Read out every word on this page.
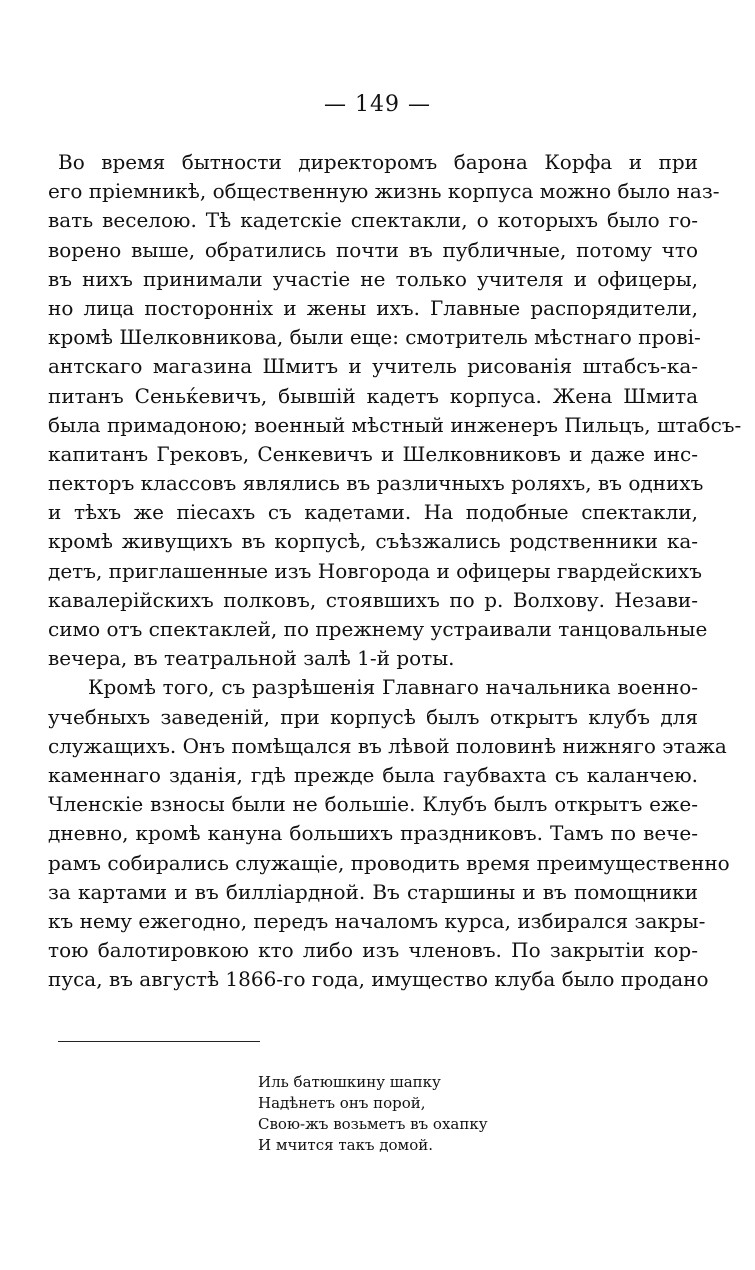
— 149 —
Во время бытности директоромъ барона Корфа и при
его пріемникѣ, общественную жизнь корпуса можно было наз-
вать веселою. Тѣ кадетскіе спектакли, о которыхъ было го-
ворено выше, обратились почти въ публичные, потому что
въ нихъ принимали участіе не только учителя и офицеры,
но лица посторонніх и жены ихъ. Главные распорядители,
кромѣ Шелковникова, были еще: смотритель мѣстнаго прові-
антскаго магазина Шмитъ и учитель рисованія штабсъ-ка-
питанъ Сеньќевичъ, бывшій кадетъ корпуса. Жена Шмита
была примадоною; военный мѣстный инженеръ Пильцъ, штабсъ-
капитанъ Грековъ, Сенкевичъ и Шелковниковъ и даже инс-
пекторъ классовъ являлись въ различныхъ роляхъ, въ однихъ
и тѣхъ же піесахъ съ кадетами. На подобные спектакли,
кромѣ живущихъ въ корпусѣ, съѣзжались родственники ка-
детъ, приглашенные изъ Новгорода и офицеры гвардейскихъ
кавалерійскихъ полковъ, стоявшихъ по р. Волхову. Незави-
симо отъ спектаклей, по прежнему устраивали танцовальные
вечера, въ театральной залѣ 1-й роты.
Кромѣ того, съ разрѣшенія Главнаго начальника военно-
учебныхъ заведеній, при корпусѣ былъ открытъ клубъ для
служащихъ. Онъ помѣщался въ лѣвой половинѣ нижняго этажа
каменнаго зданія, гдѣ прежде была гаубвахта съ каланчею.
Членскіе взносы были не большіе. Клубъ былъ открытъ еже-
дневно, кромѣ кануна большихъ праздниковъ. Тамъ по вече-
рамъ собирались служащіе, проводить время преимущественно
за картами и въ билліардной. Въ старшины и въ помощники
къ нему ежегодно, передъ началомъ курса, избирался закры-
тою балотировкою кто либо изъ членовъ. По закрытіи кор-
пуса, въ августѣ 1866-го года, имущество клуба было продано
Иль батюшкину шапку
Надѣнетъ онъ порой,
Свою-жъ возьметъ въ охапку
И мчится такъ домой.
